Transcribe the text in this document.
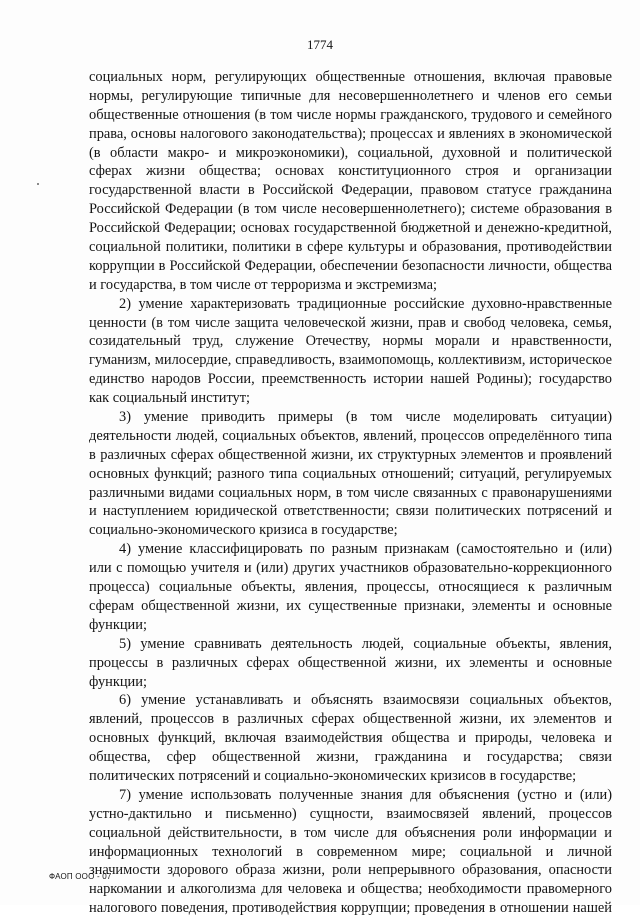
1774
социальных норм, регулирующих общественные отношения, включая правовые
нормы, регулирующие типичные для несовершеннолетнего и членов его семьи
общественные отношения (в том числе нормы гражданского, трудового и семейного
права, основы налогового законодательства); процессах и явлениях в экономической
(в области макро- и микроэкономики), социальной, духовной и политической
сферах жизни общества; основах конституционного строя и организации
государственной власти в Российской Федерации, правовом статусе гражданина
Российской Федерации (в том числе несовершеннолетнего); системе образования в
Российской Федерации; основах государственной бюджетной и денежно-кредитной,
социальной политики, политики в сфере культуры и образования, противодействии
коррупции в Российской Федерации, обеспечении безопасности личности, общества
и государства, в том числе от терроризма и экстремизма;
2) умение характеризовать традиционные российские духовно-нравственные
ценности (в том числе защита человеческой жизни, прав и свобод человека, семья,
созидательный труд, служение Отечеству, нормы морали и нравственности,
гуманизм, милосердие, справедливость, взаимопомощь, коллективизм, историческое
единство народов России, преемственность истории нашей Родины); государство
как социальный институт;
3) умение приводить примеры (в том числе моделировать ситуации)
деятельности людей, социальных объектов, явлений, процессов определённого типа
в различных сферах общественной жизни, их структурных элементов и проявлений
основных функций; разного типа социальных отношений; ситуаций, регулируемых
различными видами социальных норм, в том числе связанных с правонарушениями
и наступлением юридической ответственности; связи политических потрясений и
социально-экономического кризиса в государстве;
4) умение классифицировать по разным признакам (самостоятельно и (или)
или с помощью учителя и (или) других участников образовательно-коррекционного
процесса) социальные объекты, явления, процессы, относящиеся к различным
сферам общественной жизни, их существенные признаки, элементы и основные
функции;
5) умение сравнивать деятельность людей, социальные объекты, явления,
процессы в различных сферах общественной жизни, их элементы и основные
функции;
6) умение устанавливать и объяснять взаимосвязи социальных объектов,
явлений, процессов в различных сферах общественной жизни, их элементов и
основных функций, включая взаимодействия общества и природы, человека и
общества, сфер общественной жизни, гражданина и государства; связи
политических потрясений и социально-экономических кризисов в государстве;
7) умение использовать полученные знания для объяснения (устно и (или)
устно-дактильно и письменно) сущности, взаимосвязей явлений, процессов
социальной действительности, в том числе для объяснения роли информации и
информационных технологий в современном мире; социальной и личной
значимости здорового образа жизни, роли непрерывного образования, опасности
наркомании и алкоголизма для человека и общества; необходимости правомерного
налогового поведения, противодействия коррупции; проведения в отношении нашей
ФАОП ООО - 07
